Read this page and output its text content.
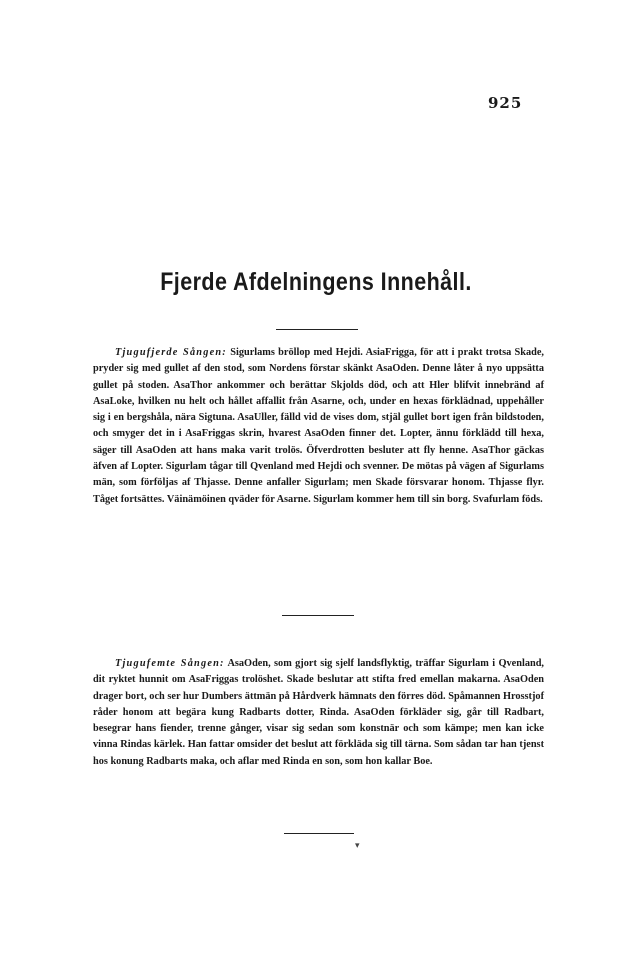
925
Fjerde Afdelningens Innehåll.
Tjugufjerde Sången: Sigurlams bröllop med Hejdi. AsiaFrigga, för att i prakt trotsa Skade, pryder sig med gullet af den stod, som Nordens förstar skänkt AsaOden. Denne låter å nyo uppsätta gullet på stoden. AsaThor ankommer och berättar Skjolds död, och att Hler blifvit innebränd af AsaLoke, hvilken nu helt och hållet affallit från Asarne, och, under en hexas förklädnad, uppehåller sig i en bergshåla, nära Sigtuna. AsaUller, fälld vid de vises dom, stjäl gullet bort igen från bildstoden, och smyger det in i AsaFriggas skrin, hvarest AsaOden finner det. Lopter, ännu förklädd till hexa, säger till AsaOden att hans maka varit trolös. Öfverdrotten besluter att fly henne. AsaThor gäckas äfven af Lopter. Sigurlam tågar till Qvenland med Hejdi och svenner. De mötas på vägen af Sigurlams män, som förföljas af Thjasse. Denne anfaller Sigurlam; men Skade försvarar honom. Thjasse flyr. Tåget fortsättes. Väinämöinen qväder för Asarne. Sigurlam kommer hem till sin borg. Svafurlam föds.
Tjugufemte Sången: AsaOden, som gjort sig sjelf landsflyktig, träffar Sigurlam i Qvenland, dit ryktet hunnit om AsaFriggas trolöshet. Skade beslutar att stifta fred emellan makarna. AsaOden drager bort, och ser hur Dumbers ättmän på Hårdverk hämnats den förres död. Spåmannen Hrosstjof råder honom att begära kung Radbarts dotter, Rinda. AsaOden förkläder sig, går till Radbart, besegrar hans fiender, trenne gånger, visar sig sedan som konstnär och som kämpe; men kan icke vinna Rindas kärlek. Han fattar omsider det beslut att förkläda sig till tärna. Som sådan tar han tjenst hos konung Radbarts maka, och aflar med Rinda en son, som hon kallar Boe.
▾
